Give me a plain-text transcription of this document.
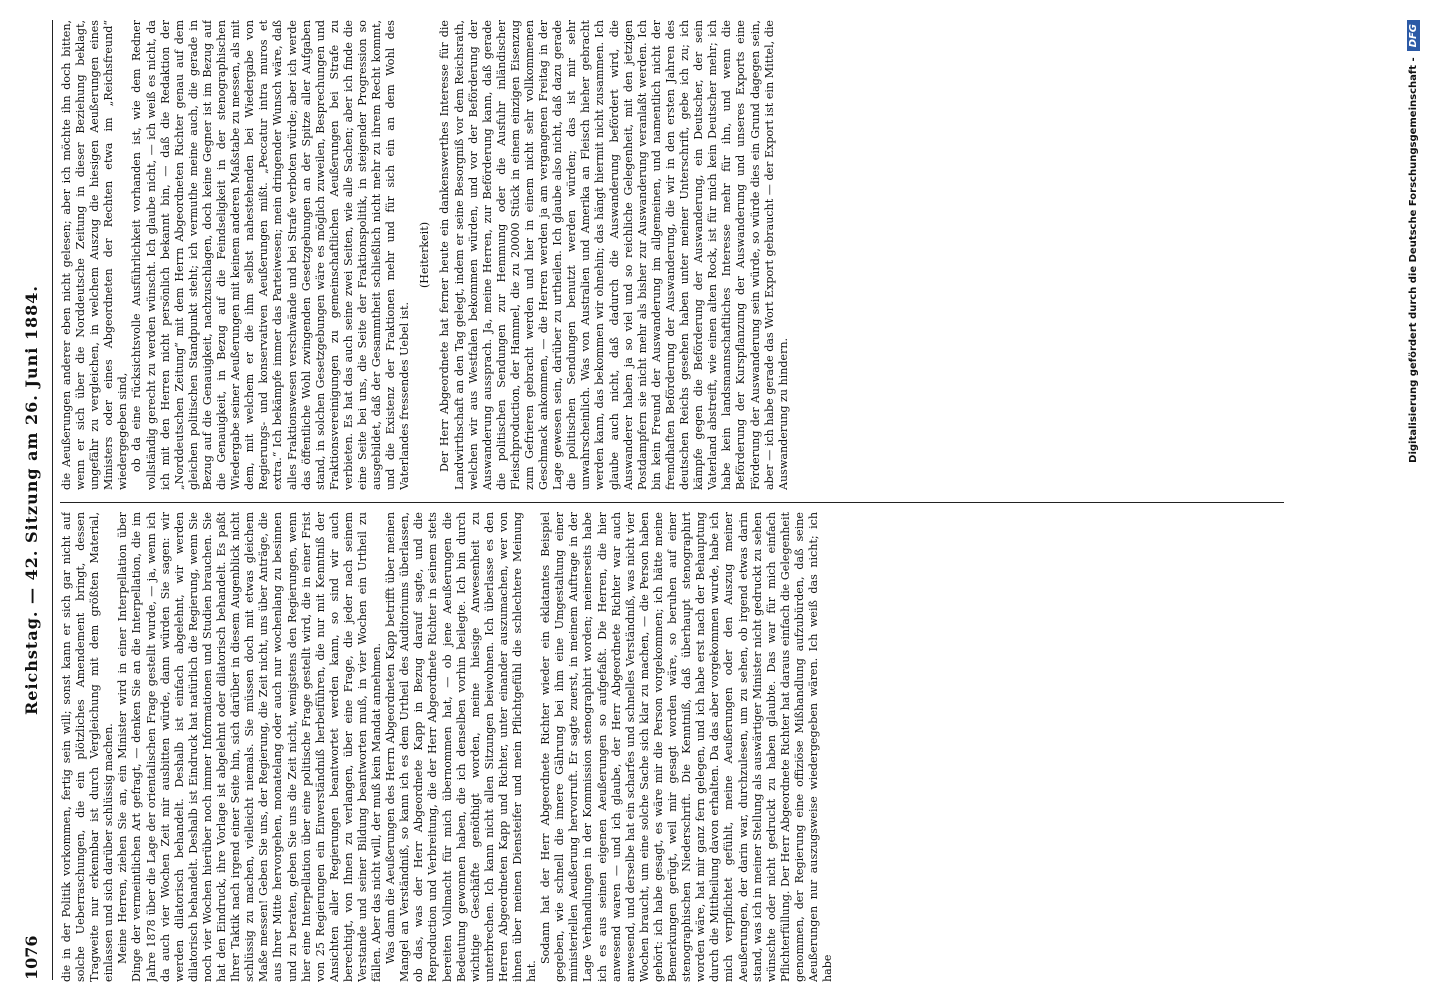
1076
Reichstag. — 42. Sitzung am 26. Juni 1884.

die in der Politik vorkommen, fertig sein will; sonst kann er sich gar nicht auf solche Ueberraschungen, die ein plötzliches Amendement bringt, dessen Tragweite nur erkennbar ist durch Vergleichung mit dem größten Material, einlassen und sich darüber schlüssig machen. Meine Herren, ziehen Sie an, ein Minister wird in einer Interpellation über Dinge der vermeintlichen Art gefragt, — denken Sie an die Interpellation, die im Jahre 1878 über die Lage der orientalischen Frage gestellt wurde, — ja, wenn ich da auch vier Wochen Zeit mir ausbitten würde, dann würden Sie sagen: wir werden dilatorisch behandelt. Deshalb ist einfach abgelehnt, wir werden dilatorisch behandelt. Deshalb ist Eindruck hat natürlich die Regierung, wenn Sie noch vier Wochen hierüber noch immer Informationen und Studien brauchen. Sie hat den Eindruck, ihre Vorlage ist abgelehnt oder dilatorisch behandelt. Es paßt Ihrer Taktik nach irgend einer Seite hin, sich darüber in diesem Augenblick nicht schlüssig zu machen, vielleicht niemals. Sie müssen doch mit etwas gleichem Maße messen! Geben Sie uns, der Regierung, die Zeit nicht, uns über Anträge, die aus Ihrer Mitte hervorgehen, monatelang oder auch nur wochenlang zu besinnen und zu beraten, geben Sie uns die Zeit nicht, wenigstens den Regierungen, wenn hier eine Interpellation über eine politische Frage gestellt wird, die in einer Frist von 25 Regierungen ein Einverständniß herbeiführen, die nur mit Kenntniß der Ansichten aller Regierungen beantwortet werden kann, so sind wir auch berechtigt, von Ihnen zu verlangen, über eine Frage, die jeder nach seinem Verstande und seiner Bildung beantworten muß, in vier Wochen ein Urtheil zu fällen. Aber das nicht will, der muß kein Mandat annehmen. Was dann die Aeußerungen des Herrn Abgeordneten Kapp betrifft über meinen Mangel an Verständniß, so kann ich es dem Urtheil des Auditoriums überlassen, ob das, was der Herr Abgeordnete Kapp in Bezug darauf sagte, und die Reproduction und Verbreitung, die der Herr Abgeordnete Richter in seinem stets bereiten Vollmacht für mich übernommen hat, — ob jene Aeußerungen die Bedeutung gewonnen haben, die ich denselben vorhin beilegte. Ich bin durch wichtige Geschäfte genöthigt worden, meine hiesige Anwesenheit zu unterbrechen. Ich kann nicht allen Sitzungen beiwohnen. Ich überlasse es den Herren Abgeordneten Kapp und Richter, unter einander auszumachen, wer von ihnen über meinen Diensteifer und mein Pflichtgefühl die schlechtere Meinung hat.

Sodann hat der Herr Abgeordnete Richter wieder ein eklatantes Beispiel gegeben, wie schnell die innere Gährung bei ihm eine Umgestaltung einer ministeriellen Aeußerung hervorruft. Er sagte zuerst, in meinem Auftrage in der Lage Verhandlungen in der Kommission stenographirt worden; meinerseits habe ich es aus seinen eigenen Aeußerungen so aufgefaßt. Die Herren, die hier anwesend waren — und ich glaube, der Herr Abgeordnete Richter war auch anwesend, und derselbe hat ein scharfes und schnelles Verständniß, was nicht vier Wochen braucht, um eine solche Sache sich klar zu machen, — die Person haben gehört: ich habe gesagt, es wäre mir die Person vorgekommen; ich hätte meine Bemerkungen gerügt, weil mir gesagt worden wäre, so beruhen auf einer stenographischen Niederschrift. Die Kenntniß, daß überhaupt stenographirt worden wäre, hat mir ganz fern gelegen, und ich habe erst nach der Behauptung durch die Mittheilung davon erhalten. Da das aber vorgekommen wurde, habe ich mich verpflichtet gefühlt, meine Aeußerungen oder den Auszug meiner Aeußerungen, der darin war, durchzulesen, um zu sehen, ob irgend etwas darin stand, was ich in meiner Stellung als auswärtiger Minister nicht gedruckt zu sehen wünschte oder nicht gedruckt zu haben glaubte. Das war für mich einfach Pflichterfüllung. Der Herr Abgeordnete Richter hat daraus einfach die Gelegenheit genommen, der Regierung eine offiziöse Mißhandlung aufzubürden, daß seine Aeußerungen nur auszugsweise wiedergegeben wären. Ich weiß das nicht; ich habe

die Aeußerungen anderer eben nicht gelesen; aber ich möchte ihn doch bitten, wenn er sich über die Norddeutsche Zeitung in dieser Beziehung beklagt, ungefähr zu vergleichen, in welchem Auszug die hiesigen Aeußerungen eines Ministers oder eines Abgeordneten der Rechten etwa im „Reichsfreund“ wiedergegeben sind, ob da eine rücksichtsvolle Ausführlichkeit vorhanden ist, wie dem Redner vollständig gerecht zu werden wünscht. Ich glaube nicht, — ich weiß es nicht, da ich mit den Herren nicht persönlich bekannt bin, — daß die Redaktion der „Norddeutschen Zeitung“ mit dem Herrn Abgeordneten Richter genau auf dem gleichen politischen Standpunkt steht; ich vermuthe meine auch, die gerade in Bezug auf die Genauigkeit, nachzuschlagen, doch keine Gegner ist im Bezug auf die Genauigkeit, in Bezug auf die Feindseligkeit in der stenographischen Wiedergabe seiner Aeußerungen mit keinem anderen Maßstabe zu messen, als mit dem, mit welchem er die ihm selbst nahestehenden bei Wiedergabe von Regierungs- und konservativen Aeußerungen mißt. „Peccatur intra muros et extra.“ Ich bekämpfe immer das Parteiwesen; mein dringender Wunsch wäre, daß alles Fraktionswesen verschwände und bei Strafe verboten würde; aber ich werde das öffentliche Wohl zwingenden Gesetzgebungen an der Spitze aller Aufgaben stand, in solchen Gesetzgebungen wäre es möglich zuweilen, Besprechungen und Fraktionsvereinigungen zu gemeinschaftlichen Aeußerungen bei Strafe zu verbieten. Es hat das auch seine zwei Seiten, wie alle Sachen; aber ich finde die eine Seite bei uns, die Seite der Fraktionspolitik, in steigender Progression so ausgebildet, daß der Gesammtheit schließlich nicht mehr zu ihrem Recht kommt, und die Existenz der Fraktionen mehr und für sich ein an dem Wohl des Vaterlandes fressendes Uebel ist.

(Heiterkeit) Der Herr Abgeordnete hat ferner heute ein dankenswerthes Interesse für die Landwirthschaft an den Tag gelegt, indem er seine Besorgniß vor dem Reichsrath, welchen wir aus Westfalen bekommen würden, und vor der Beförderung der Auswanderung aussprach. Ja, meine Herren, zur Beförderung kann, daß gerade die politischen Sendungen zur Hemmung oder die Ausfuhr inländischer Fleischproduction, der Hammel, die zu 20000 Stück in einem einzigen Eisenzug zum Gefrieren gebracht werden und hier in einem nicht sehr vollkommenen Geschmack ankommen, — die Herren werden ja am vergangenen Freitag in der Lage gewesen sein, darüber zu urtheilen. Ich glaube also nicht, daß dazu gerade die politischen Sendungen benutzt werden würden; das ist mir sehr unwahrscheinlich. Was von Australien und Amerika an Fleisch hieher gebracht werden kann, das bekommen wir ohnehin; das hängt hiermit nicht zusammen. Ich glaube auch nicht, daß dadurch die Auswanderung befördert wird, die Auswanderer haben ja so viel und so reichliche Gelegenheit, mit den jetzigen Postdampfern sie nicht mehr als bisher zur Auswanderung veranlaßt werden. Ich bin kein Freund der Auswanderung im allgemeinen, und namentlich nicht der fremdhaften Beförderung der Auswanderung, die wir in den ersten Jahren des deutschen Reichs gesehen haben unter meiner Unterschrift, gebe ich zu; ich kämpfe gegen die Beförderung der Auswanderung, ein Deutscher, der sein Vaterland abstreift, wie einen alten Rock, ist für mich kein Deutscher mehr; ich habe kein landsmannschaftliches Interesse mehr für ihn, und wenn die Beförderung der Kurspflanzung der Auswanderung und unseres Exports eine Förderung der Auswanderung sein würde, so würde dies ein Grund dagegen sein, aber — ich habe gerade das Wort Export gebraucht — der Export ist ein Mittel, die Auswanderung zu hindern.	Digitalisierung gefördert durch die Deutsche Forschungsgemeinschaft -
DFG
